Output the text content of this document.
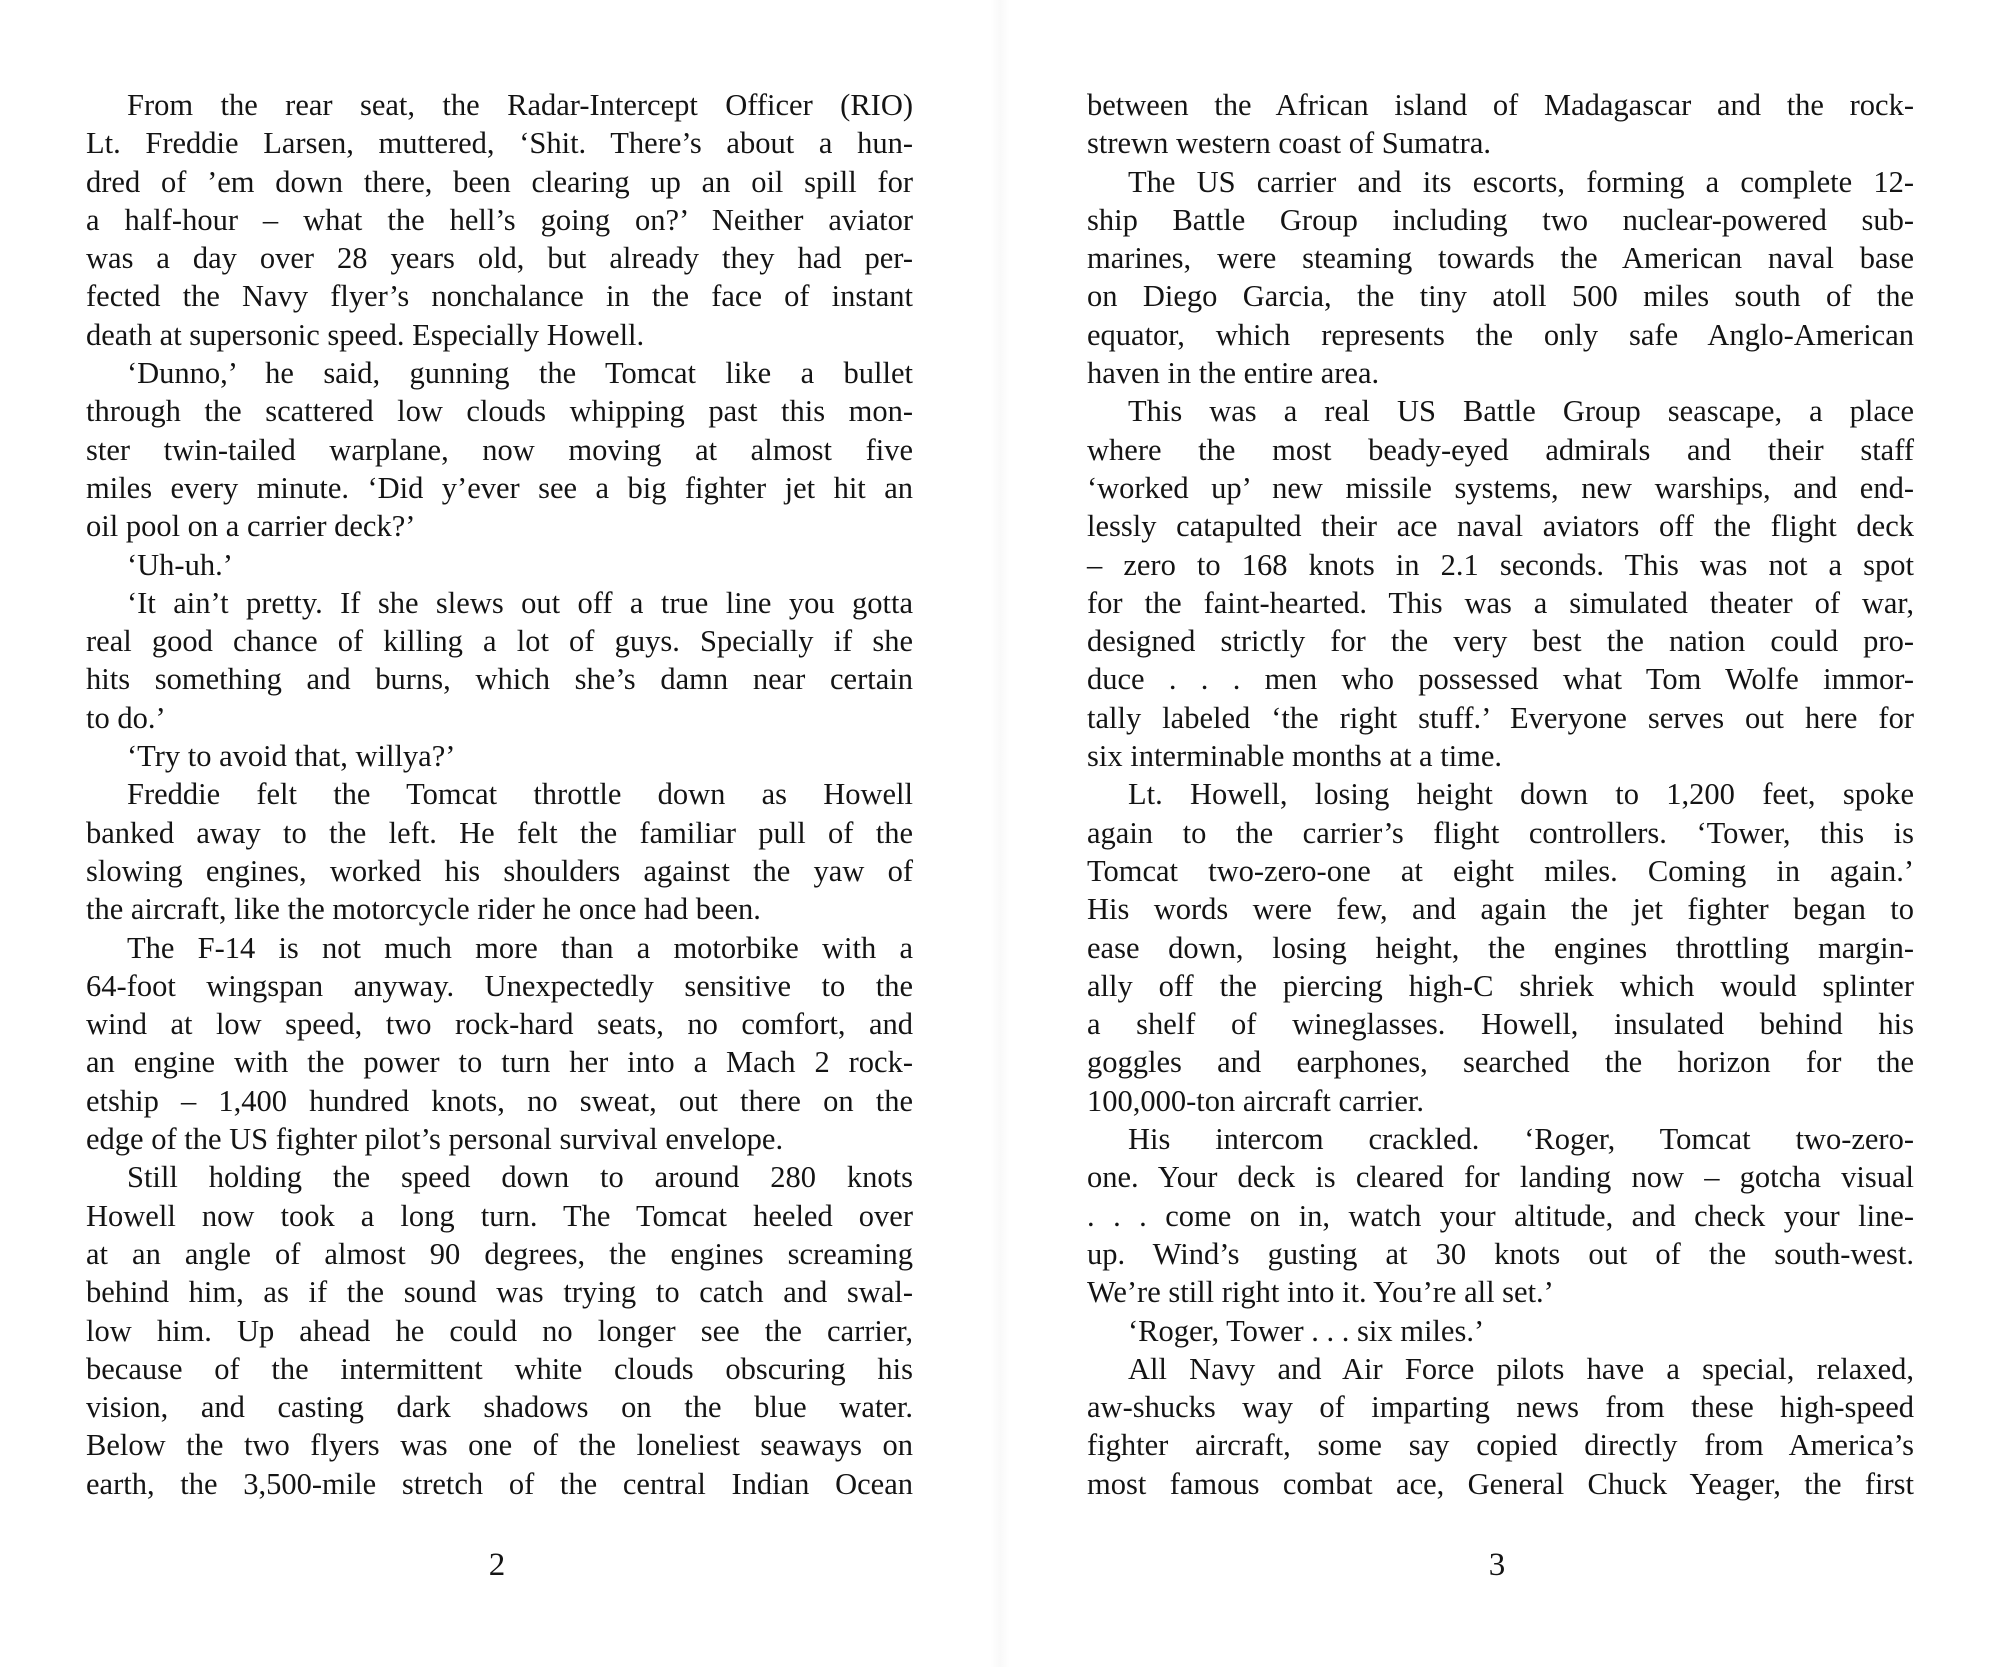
From the rear seat, the Radar-Intercept Officer (RIO)
Lt. Freddie Larsen, muttered, ‘Shit. There’s about a hun-
dred of ’em down there, been clearing up an oil spill for
a half-hour – what the hell’s going on?’ Neither aviator
was a day over 28 years old, but already they had per-
fected the Navy flyer’s nonchalance in the face of instant
death at supersonic speed. Especially Howell.
‘Dunno,’ he said, gunning the Tomcat like a bullet
through the scattered low clouds whipping past this mon-
ster twin-tailed warplane, now moving at almost five
miles every minute. ‘Did y’ever see a big fighter jet hit an
oil pool on a carrier deck?’
‘Uh-uh.’
‘It ain’t pretty. If she slews out off a true line you gotta
real good chance of killing a lot of guys. Specially if she
hits something and burns, which she’s damn near certain
to do.’
‘Try to avoid that, willya?’
Freddie felt the Tomcat throttle down as Howell
banked away to the left. He felt the familiar pull of the
slowing engines, worked his shoulders against the yaw of
the aircraft, like the motorcycle rider he once had been.
The F-14 is not much more than a motorbike with a
64-foot wingspan anyway. Unexpectedly sensitive to the
wind at low speed, two rock-hard seats, no comfort, and
an engine with the power to turn her into a Mach 2 rock-
etship – 1,400 hundred knots, no sweat, out there on the
edge of the US fighter pilot’s personal survival envelope.
Still holding the speed down to around 280 knots
Howell now took a long turn. The Tomcat heeled over
at an angle of almost 90 degrees, the engines screaming
behind him, as if the sound was trying to catch and swal-
low him. Up ahead he could no longer see the carrier,
because of the intermittent white clouds obscuring his
vision, and casting dark shadows on the blue water.
Below the two flyers was one of the loneliest seaways on
earth, the 3,500-mile stretch of the central Indian Ocean
2
between the African island of Madagascar and the rock-
strewn western coast of Sumatra.
The US carrier and its escorts, forming a complete 12-
ship Battle Group including two nuclear-powered sub-
marines, were steaming towards the American naval base
on Diego Garcia, the tiny atoll 500 miles south of the
equator, which represents the only safe Anglo-American
haven in the entire area.
This was a real US Battle Group seascape, a place
where the most beady-eyed admirals and their staff
‘worked up’ new missile systems, new warships, and end-
lessly catapulted their ace naval aviators off the flight deck
– zero to 168 knots in 2.1 seconds. This was not a spot
for the faint-hearted. This was a simulated theater of war,
designed strictly for the very best the nation could pro-
duce . . . men who possessed what Tom Wolfe immor-
tally labeled ‘the right stuff.’ Everyone serves out here for
six interminable months at a time.
Lt. Howell, losing height down to 1,200 feet, spoke
again to the carrier’s flight controllers. ‘Tower, this is
Tomcat two-zero-one at eight miles. Coming in again.’
His words were few, and again the jet fighter began to
ease down, losing height, the engines throttling margin-
ally off the piercing high-C shriek which would splinter
a shelf of wineglasses. Howell, insulated behind his
goggles and earphones, searched the horizon for the
100,000-ton aircraft carrier.
His intercom crackled. ‘Roger, Tomcat two-zero-
one. Your deck is cleared for landing now – gotcha visual
. . . come on in, watch your altitude, and check your line-
up. Wind’s gusting at 30 knots out of the south-west.
We’re still right into it. You’re all set.’
‘Roger, Tower . . . six miles.’
All Navy and Air Force pilots have a special, relaxed,
aw-shucks way of imparting news from these high-speed
fighter aircraft, some say copied directly from America’s
most famous combat ace, General Chuck Yeager, the first
3
